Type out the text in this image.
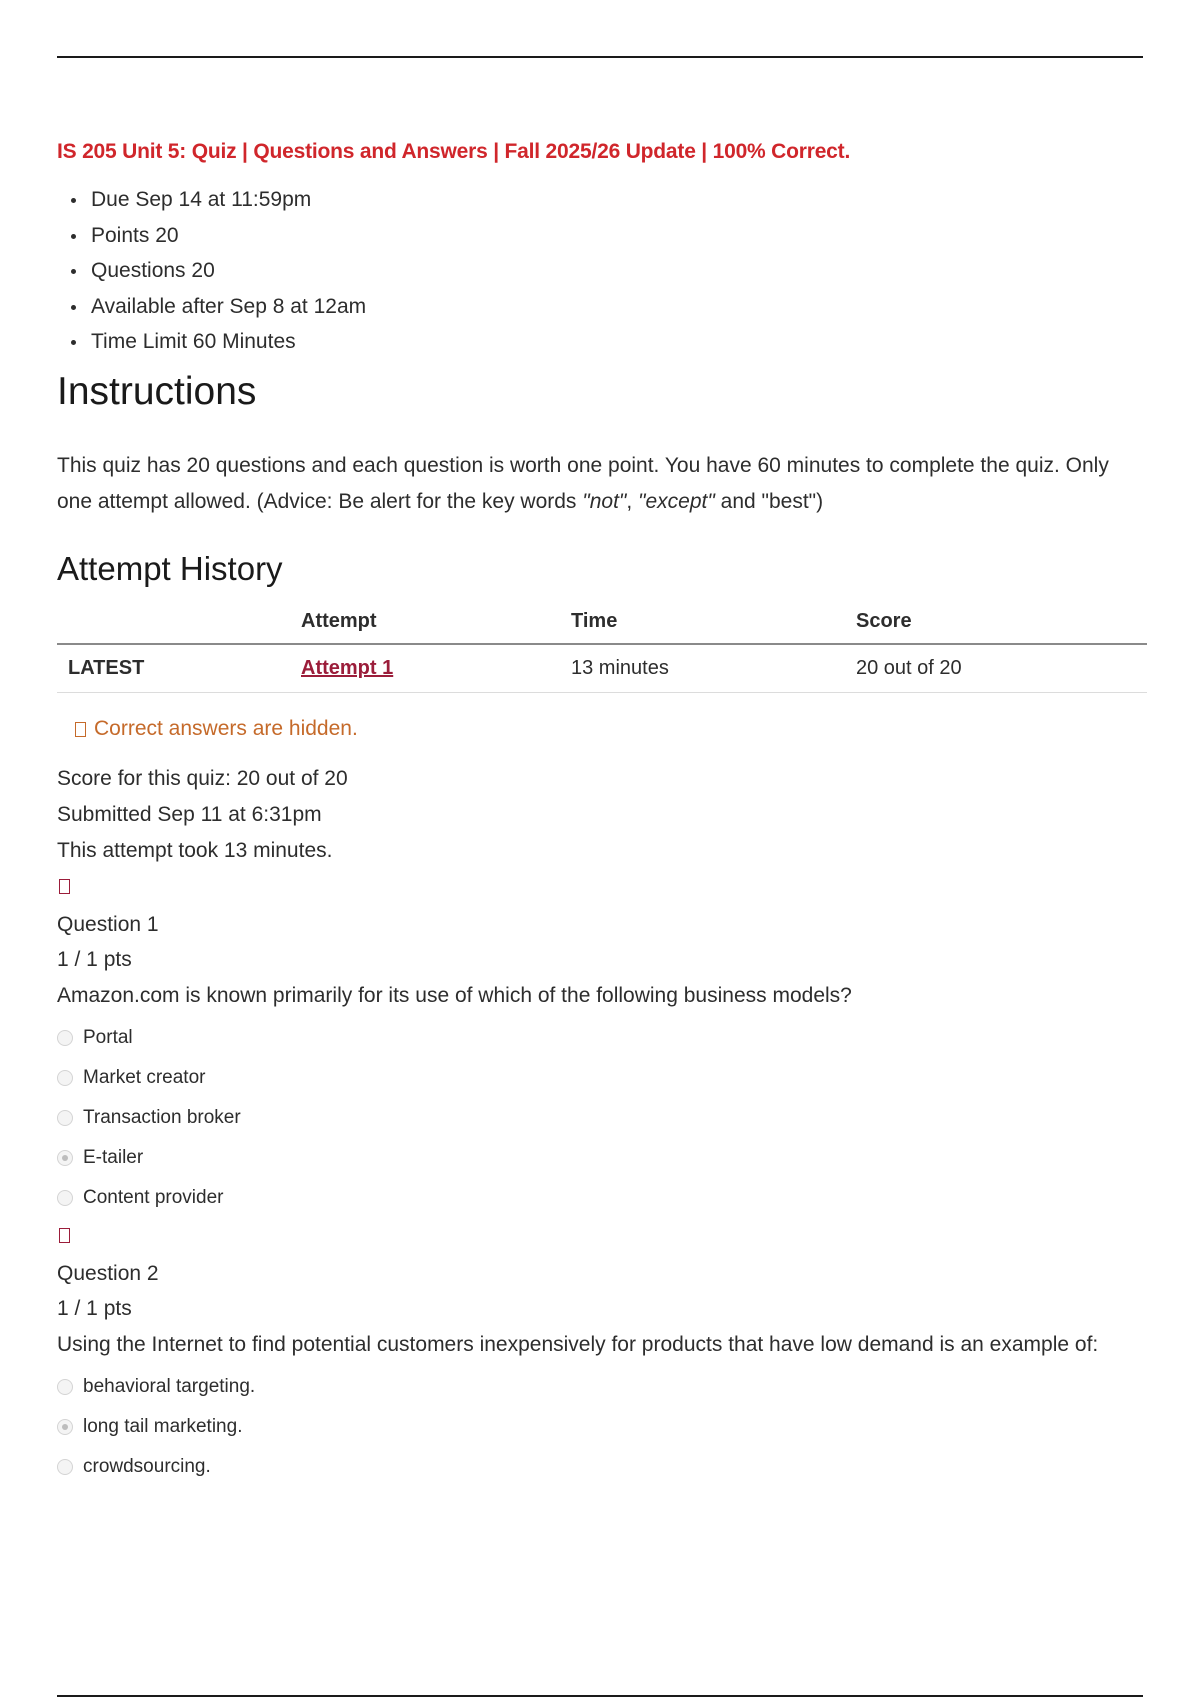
IS 205 Unit 5: Quiz | Questions and Answers | Fall 2025/26 Update | 100% Correct.
Due Sep 14 at 11:59pm
Points 20
Questions 20
Available after Sep 8 at 12am
Time Limit 60 Minutes
Instructions

This quiz has 20 questions and each question is worth one point. You have 60 minutes to complete the quiz. Only one attempt allowed. (Advice: Be alert for the key words "not", "except" and "best")

Attempt History
	Attempt	Time	Score
LATEST	Attempt 1	13 minutes	20 out of 20
Correct answers are hidden.
Score for this quiz: 20 out of 20
Submitted Sep 11 at 6:31pm
This attempt took 13 minutes.
Question 1
1 / 1 pts
Amazon.com is known primarily for its use of which of the following business models?
Portal
Market creator
Transaction broker
E-tailer
Content provider
Question 2
1 / 1 pts
Using the Internet to find potential customers inexpensively for products that have low demand is an example of:
behavioral targeting.
long tail marketing.
crowdsourcing.
